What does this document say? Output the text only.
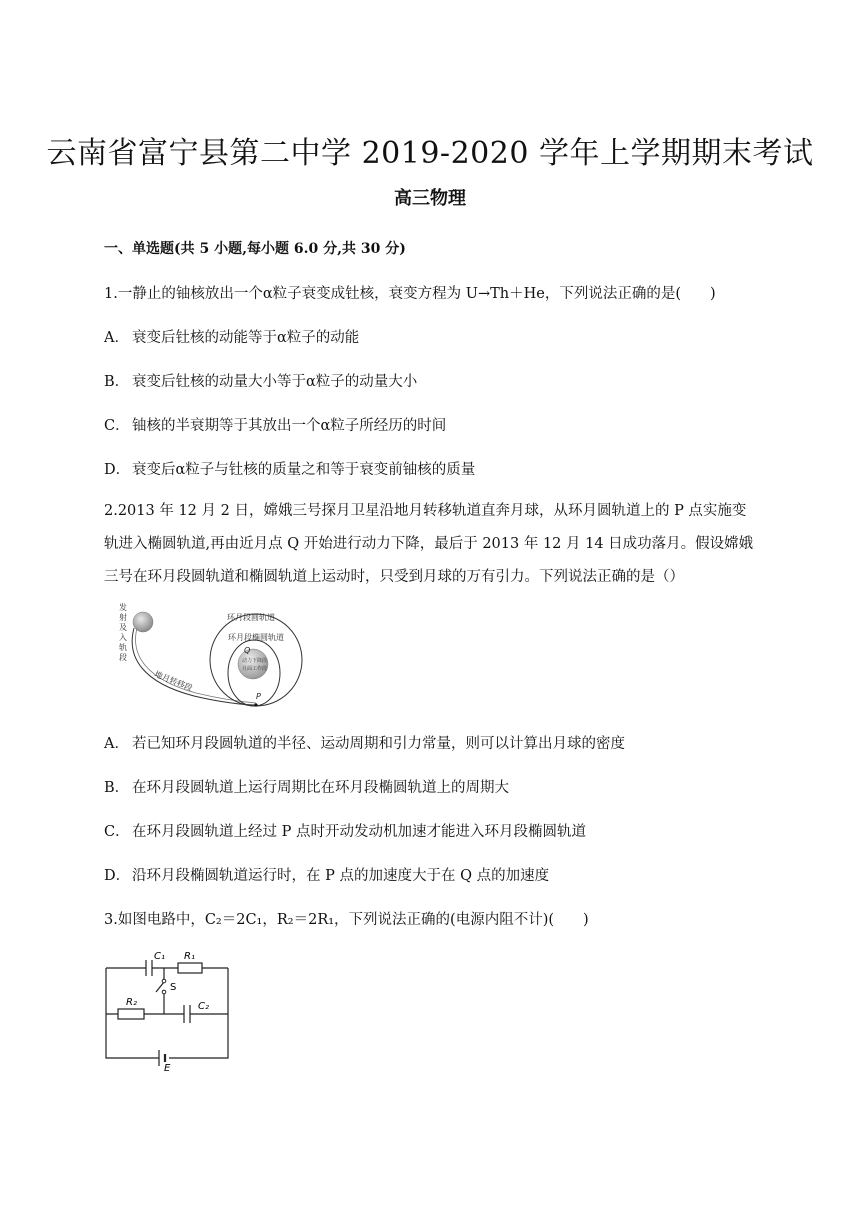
云南省富宁县第二中学 2019-2020 学年上学期期末考试
高三物理
一、单选题(共 5 小题,每小题 6.0 分,共 30 分)
1.一静止的铀核放出一个α粒子衰变成钍核，衰变方程为 U→Th＋He，下列说法正确的是(　　)
A． 衰变后钍核的动能等于α粒子的动能
B． 衰变后钍核的动量大小等于α粒子的动量大小
C． 铀核的半衰期等于其放出一个α粒子所经历的时间
D． 衰变后α粒子与钍核的质量之和等于衰变前铀核的质量
2.2013 年 12 月 2 日，嫦娥三号探月卫星沿地月转移轨道直奔月球，从环月圆轨道上的 P 点实施变轨进入椭圆轨道,再由近月点 Q 开始进行动力下降，最后于 2013 年 12 月 14 日成功落月。假设嫦娥三号在环月段圆轨道和椭圆轨道上运动时，只受到月球的万有引力。下列说法正确的是（）
发
射
及
入
轨
段
地月转移段
环月段圆轨道
环月段椭圆轨道
Q
动力下降段
月面工作段
P
A． 若已知环月段圆轨道的半径、运动周期和引力常量，则可以计算出月球的密度
B． 在环月段圆轨道上运行周期比在环月段椭圆轨道上的周期大
C． 在环月段圆轨道上经过 P 点时开动发动机加速才能进入环月段椭圆轨道
D． 沿环月段椭圆轨道运行时，在 P 点的加速度大于在 Q 点的加速度
3.如图电路中，C₂＝2C₁，R₂＝2R₁，下列说法正确的(电源内阻不计)(　　)
C₁ R₁
S
R₂	C₂
E
